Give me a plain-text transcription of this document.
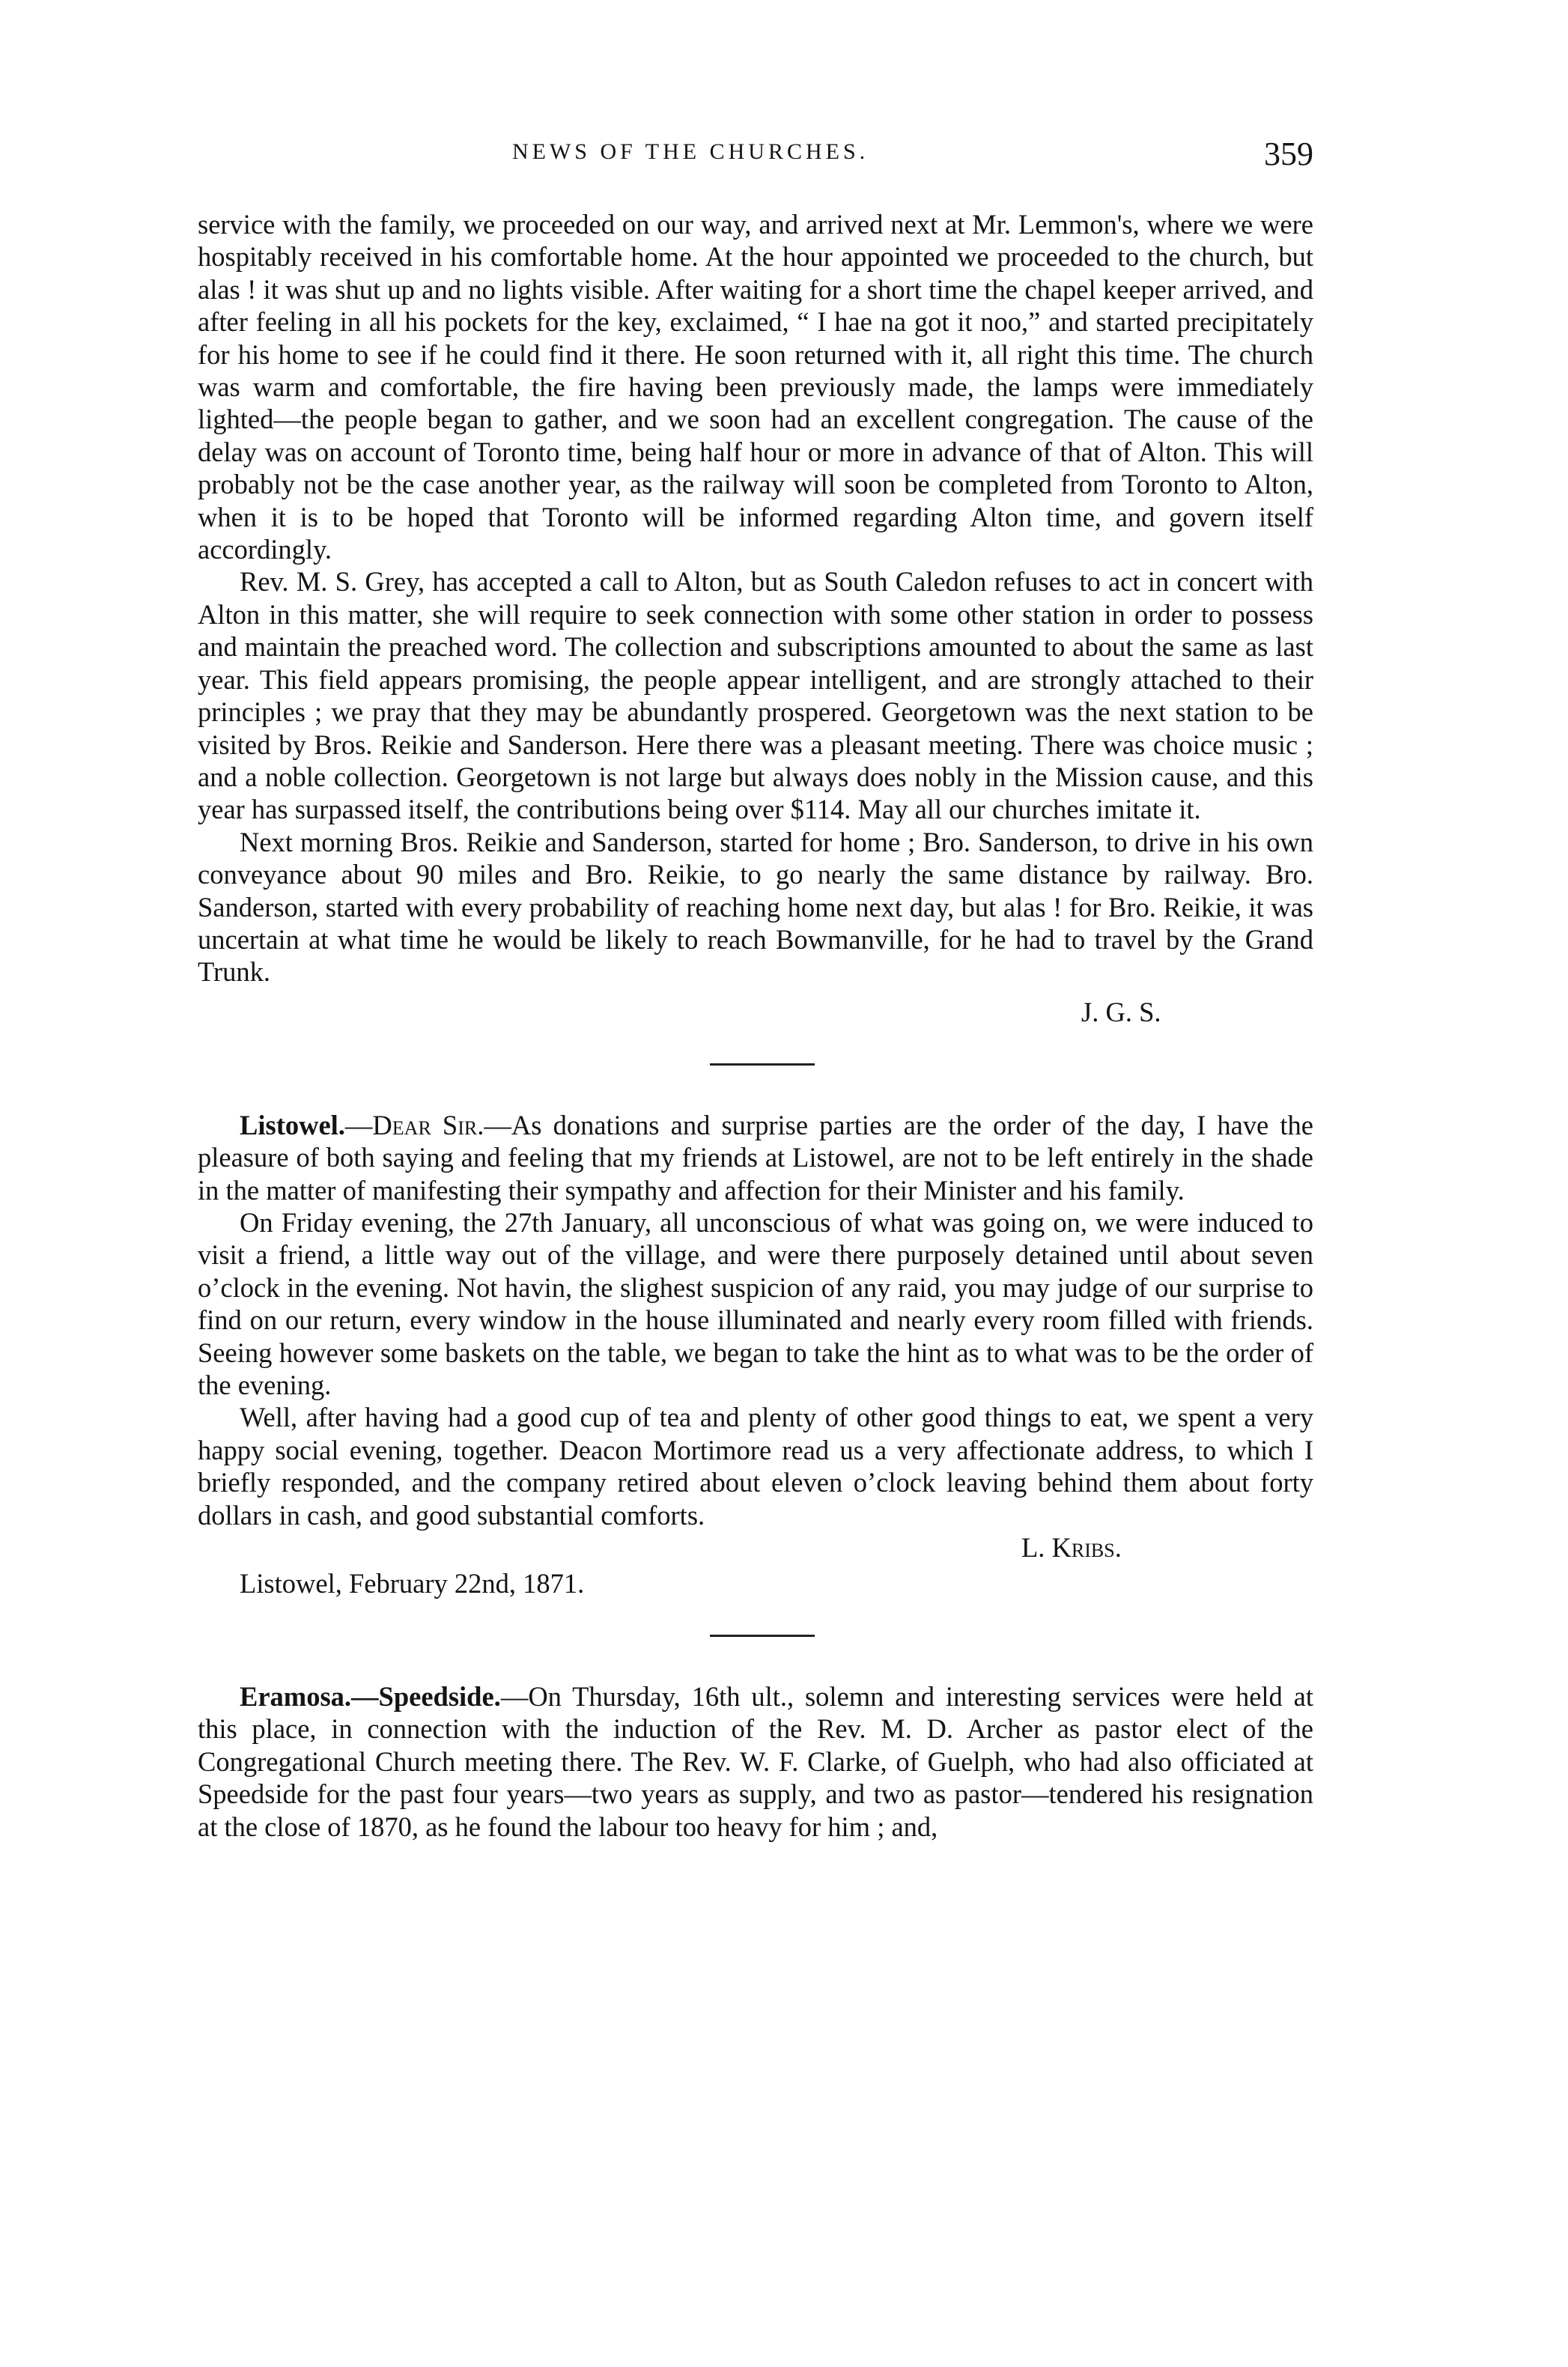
NEWS OF THE CHURCHES.	359

service with the family, we proceeded on our way, and arrived next at Mr. Lemmon's, where we were hospitably received in his comfortable home. At the hour appointed we proceeded to the church, but alas ! it was shut up and no lights visible. After waiting for a short time the chapel keeper arrived, and after feeling in all his pockets for the key, exclaimed, “ I hae na got it noo,” and started precipitately for his home to see if he could find it there. He soon returned with it, all right this time. The church was warm and comfortable, the fire having been previously made, the lamps were immediately lighted—the people began to gather, and we soon had an excellent congregation. The cause of the delay was on account of Toronto time, being half hour or more in advance of that of Alton. This will probably not be the case another year, as the railway will soon be completed from Toronto to Alton, when it is to be hoped that Toronto will be informed regarding Alton time, and govern itself accordingly.

Rev. M. S. Grey, has accepted a call to Alton, but as South Caledon refuses to act in concert with Alton in this matter, she will require to seek connection with some other station in order to possess and maintain the preached word. The collection and subscriptions amounted to about the same as last year. This field appears promising, the people appear intelligent, and are strongly attached to their principles ; we pray that they may be abundantly prospered. Georgetown was the next station to be visited by Bros. Reikie and Sanderson. Here there was a pleasant meeting. There was choice music ; and a noble collection. Georgetown is not large but always does nobly in the Mission cause, and this year has surpassed itself, the contributions being over $114. May all our churches imitate it.

Next morning Bros. Reikie and Sanderson, started for home ; Bro. Sanderson, to drive in his own conveyance about 90 miles and Bro. Reikie, to go nearly the same distance by railway. Bro. Sanderson, started with every probability of reaching home next day, but alas ! for Bro. Reikie, it was uncertain at what time he would be likely to reach Bowmanville, for he had to travel by the Grand Trunk.

J. G. S.

Listowel.—Dear Sir.—As donations and surprise parties are the order of the day, I have the pleasure of both saying and feeling that my friends at Listowel, are not to be left entirely in the shade in the matter of manifesting their sympathy and affection for their Minister and his family.

On Friday evening, the 27th January, all unconscious of what was going on, we were induced to visit a friend, a little way out of the village, and were there purposely detained until about seven o’clock in the evening. Not havin, the slighest suspicion of any raid, you may judge of our surprise to find on our return, every window in the house illuminated and nearly every room filled with friends. Seeing however some baskets on the table, we began to take the hint as to what was to be the order of the evening.

Well, after having had a good cup of tea and plenty of other good things to eat, we spent a very happy social evening, together. Deacon Mortimore read us a very affectionate address, to which I briefly responded, and the company retired about eleven o’clock leaving behind them about forty dollars in cash, and good substantial comforts.

L. Kribs.
Listowel, February 22nd, 1871.

Eramosa.—Speedside.—On Thursday, 16th ult., solemn and interesting services were held at this place, in connection with the induction of the Rev. M. D. Archer as pastor elect of the Congregational Church meeting there. The Rev. W. F. Clarke, of Guelph, who had also officiated at Speedside for the past four years—two years as supply, and two as pastor—tendered his resignation at the close of 1870, as he found the labour too heavy for him ; and,
